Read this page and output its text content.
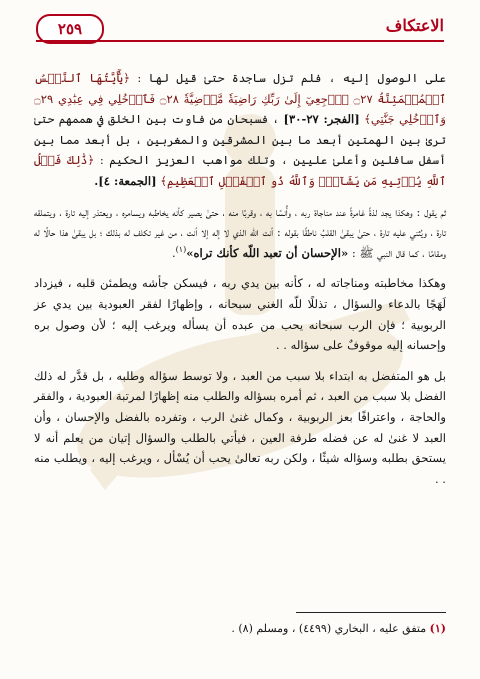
الاعتكاف
٢٥٩

على الوصول إليه ، فلم تزل ساجدة حتىٰ قيل لها : ﴿يَٰٓأَيَّتُهَا ٱلنَّفۡسُ ٱلۡمُطۡمَئِنَّةُ ۝٢٧ ٱرۡجِعِيٓ إِلَىٰ رَبِّكِ رَاضِيَةٗ مَّرۡضِيَّةٗ ۝٢٨ فَٱدۡخُلِي فِي عِبَٰدِي ۝٢٩ وَٱدۡخُلِي جَنَّتِي﴾ [الفجر: ٢٧-٣٠] ، فسبحان من فاوت بين الخلق في هممهم حتىٰ ترىٰ بين الهمتين أبعد ما بين المشرقين والمغربين ، بل أبعد مما بين أسفل سافلين وأعلىٰ عليين ، وتلك مواهب العزيز الحكيم : ﴿ذَٰلِكَ فَضۡلُ ٱللَّهِ يُؤۡتِيهِ مَن يَشَآءُۚ وَٱللَّهُ ذُو ٱلۡفَضۡلِ ٱلۡعَظِيمِ﴾ [الجمعة: ٤].

ثم يقول : وهكذا يجد لذةً غامرةً عند مناجاة ربه ، وأُنسًا به ، وقربًا منه ، حتىٰ يصير كأنه يخاطبه ويسامره ، ويعتذر إليه تارة ، ويتملقه تارة ، ويُثني عليه تارة ، حتىٰ يبقىٰ القلبُ ناطقًا بقوله : أنت اللّه الذي لا إله إلا أنت ، من غير تكلف له بذلك ؛ بل يبقىٰ هذا حالًا له ومقامًا ، كما قال النبي ﷺ : «الإحسان أن تعبد اللّه كأنك تراه»$^{(١)}$.

وهكذا مخاطبته ومناجاته له ، كأنه بين يدي ربه ، فيسكن جأشه ويطمئن قلبه ، فيزداد لَهَجًا بالدعاء والسؤال ، تذللًا للّه الغني سبحانه ، وإظهارًا لفقر العبودية بين يدي عز الربوبية ؛ فإن الرب سبحانه يحب من عبده أن يسأله ويرغب إليه ؛ لأن وصول بره وإحسانه إليه موقوفٌ على سؤاله . .

بل هو المتفضل به ابتداء بلا سبب من العبد ، ولا توسط سؤاله وطلبه ، بل قدَّر له ذلك الفضل بلا سبب من العبد ، ثم أمره بسؤاله والطلب منه إظهارًا لمرتبة العبودية ، والفقر والحاجة ، واعترافًا بعز الربوبية ، وكمال غنىٰ الرب ، وتفرده بالفضل والإحسان ، وأن العبد لا غنىٰ له عن فضله طرفة العين ، فيأتي بالطلب والسؤال إتيان من يعلم أنه لا يستحق بطلبه وسؤاله شيئًا ، ولكن ربه تعالىٰ يحب أن يُسْأل ، ويرغب إليه ، ويطلب منه . .

(١) متفق عليه ، البخاري (٤٤٩٩) ، ومسلم (٨) .
